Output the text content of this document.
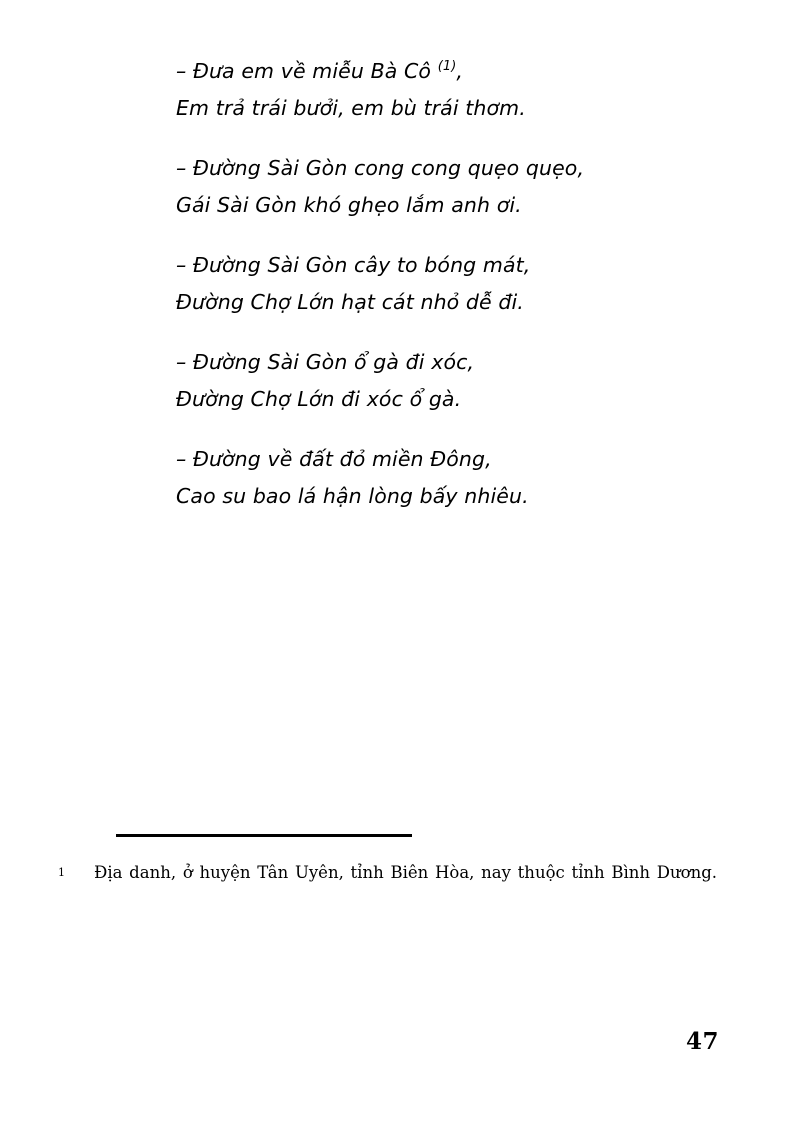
– Đưa em về miễu Bà Cô $^{(1)}$,
Em trả trái bưởi, em bù trái thơm.
– Đường Sài Gòn cong cong quẹo quẹo,
Gái Sài Gòn khó ghẹo lắm anh ơi.
– Đường Sài Gòn cây to bóng mát,
Đường Chợ Lớn hạt cát nhỏ dễ đi.
– Đường Sài Gòn ổ gà đi xóc,
Đường Chợ Lớn đi xóc ổ gà.
– Đường về đất đỏ miền Đông,
Cao su bao lá hận lòng bấy nhiêu.
1 Địa danh, ở huyện Tân Uyên, tỉnh Biên Hòa, nay thuộc tỉnh Bình Dương.
47
